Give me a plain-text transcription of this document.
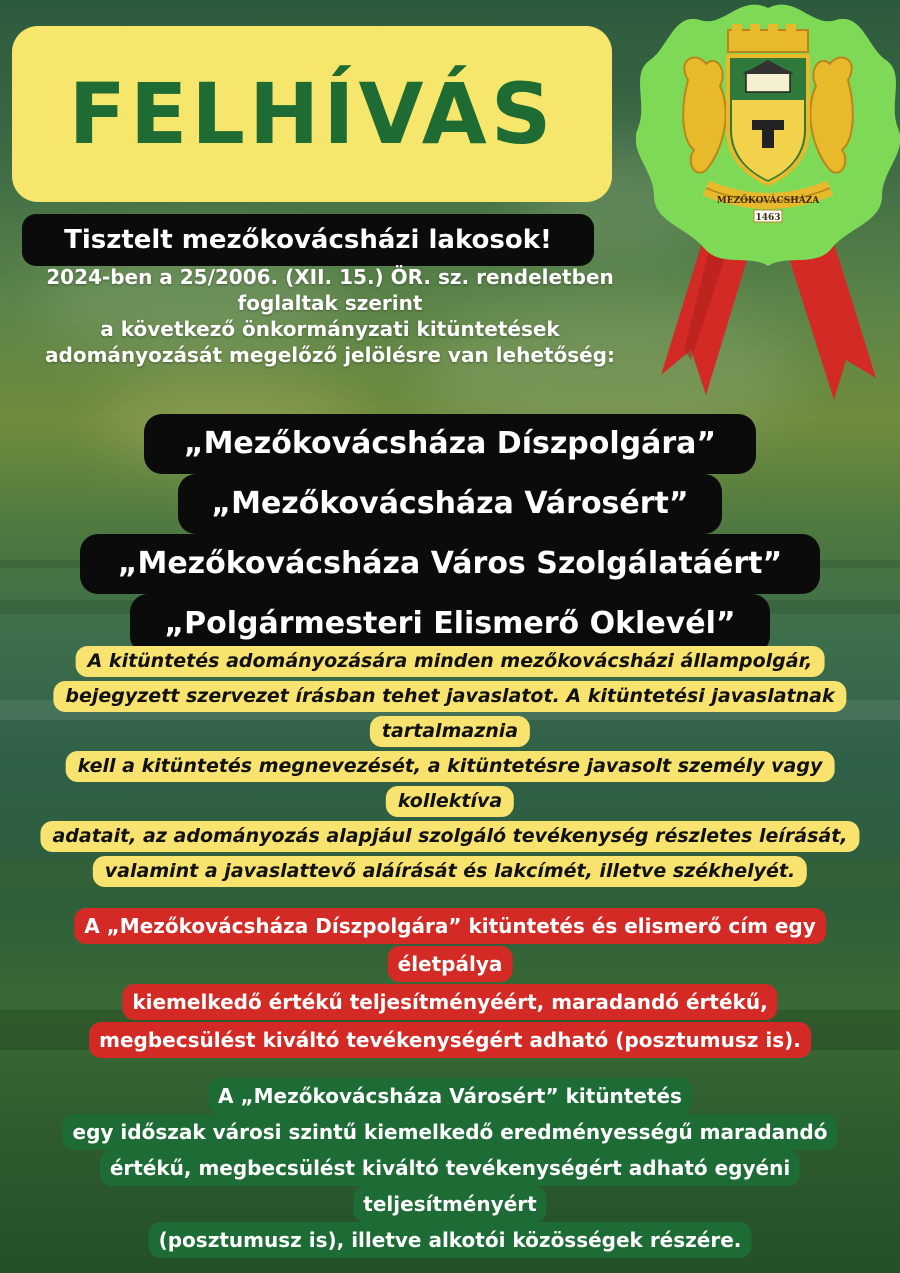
FELHÍVÁS
MEZŐKOVÁCSHÁZA
1463
Tisztelt mezőkovácsházi lakosok!
2024-ben a 25/2006. (XII. 15.) ÖR. sz. rendeletben
foglaltak szerint
a következő önkormányzati kitüntetések
adományozását megelőző jelölésre van lehetőség:
„Mezőkovácsháza Díszpolgára”
„Mezőkovácsháza Városért”
„Mezőkovácsháza Város Szolgálatáért”
„Polgármesteri Elismerő Oklevél”
A kitüntetés adományozására minden mezőkovácsházi állampolgár,
bejegyzett szervezet írásban tehet javaslatot. A kitüntetési javaslatnak
tartalmaznia
kell a kitüntetés megnevezését, a kitüntetésre javasolt személy vagy
kollektíva
adatait, az adományozás alapjául szolgáló tevékenység részletes leírását,
valamint a javaslattevő aláírását és lakcímét, illetve székhelyét.
A „Mezőkovácsháza Díszpolgára” kitüntetés és elismerő cím egy
életpálya
kiemelkedő értékű teljesítményéért, maradandó értékű,
megbecsülést kiváltó tevékenységért adható (posztumusz is).
A „Mezőkovácsháza Városért” kitüntetés
egy időszak városi szintű kiemelkedő eredményességű maradandó
értékű, megbecsülést kiváltó tevékenységért adható egyéni
teljesítményért
(posztumusz is), illetve alkotói közösségek részére.
